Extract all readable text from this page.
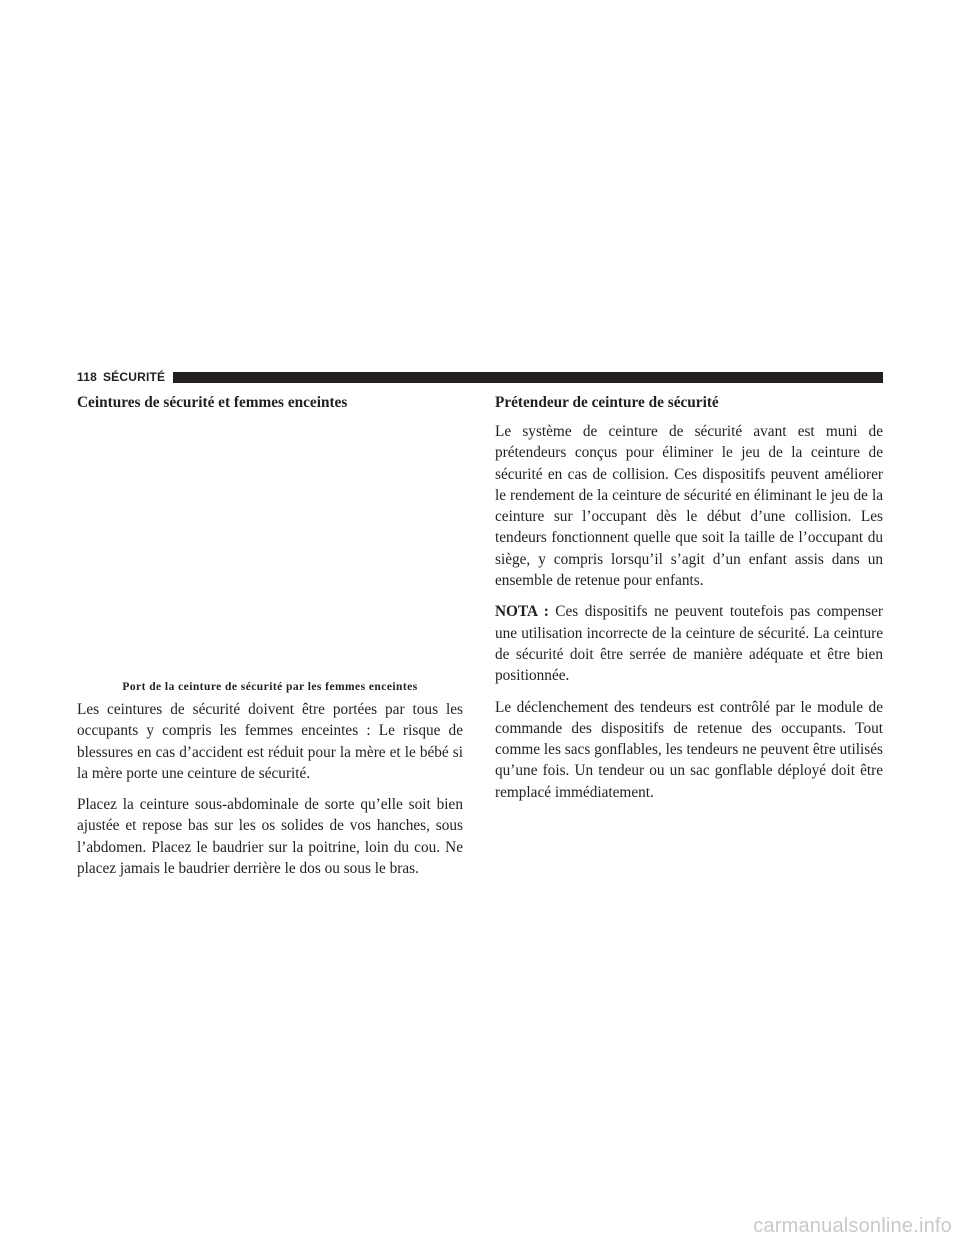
118 SÉCURITÉ
Ceintures de sécurité et femmes enceintes
Port de la ceinture de sécurité par les femmes enceintes

Les ceintures de sécurité doivent être portées par tous les occupants y compris les femmes enceintes : Le risque de blessures en cas d’accident est réduit pour la mère et le bébé si la mère porte une ceinture de sécurité.

Placez la ceinture sous-abdominale de sorte qu’elle soit bien ajustée et repose bas sur les os solides de vos hanches, sous l’abdomen. Placez le baudrier sur la poitrine, loin du cou. Ne placez jamais le baudrier derrière le dos ou sous le bras.

Prétendeur de ceinture de sécurité

Le système de ceinture de sécurité avant est muni de prétendeurs conçus pour éliminer le jeu de la ceinture de sécurité en cas de collision. Ces dispositifs peuvent améliorer le rendement de la ceinture de sécurité en éliminant le jeu de la ceinture sur l’occupant dès le début d’une collision. Les tendeurs fonctionnent quelle que soit la taille de l’occupant du siège, y compris lorsqu’il s’agit d’un enfant assis dans un ensemble de retenue pour enfants.

NOTA : Ces dispositifs ne peuvent toutefois pas compenser une utilisation incorrecte de la ceinture de sécurité. La ceinture de sécurité doit être serrée de manière adéquate et être bien positionnée.

Le déclenchement des tendeurs est contrôlé par le module de commande des dispositifs de retenue des occupants. Tout comme les sacs gonflables, les tendeurs ne peuvent être utilisés qu’une fois. Un tendeur ou un sac gonflable déployé doit être remplacé immédiatement.

carmanualsonline.info
